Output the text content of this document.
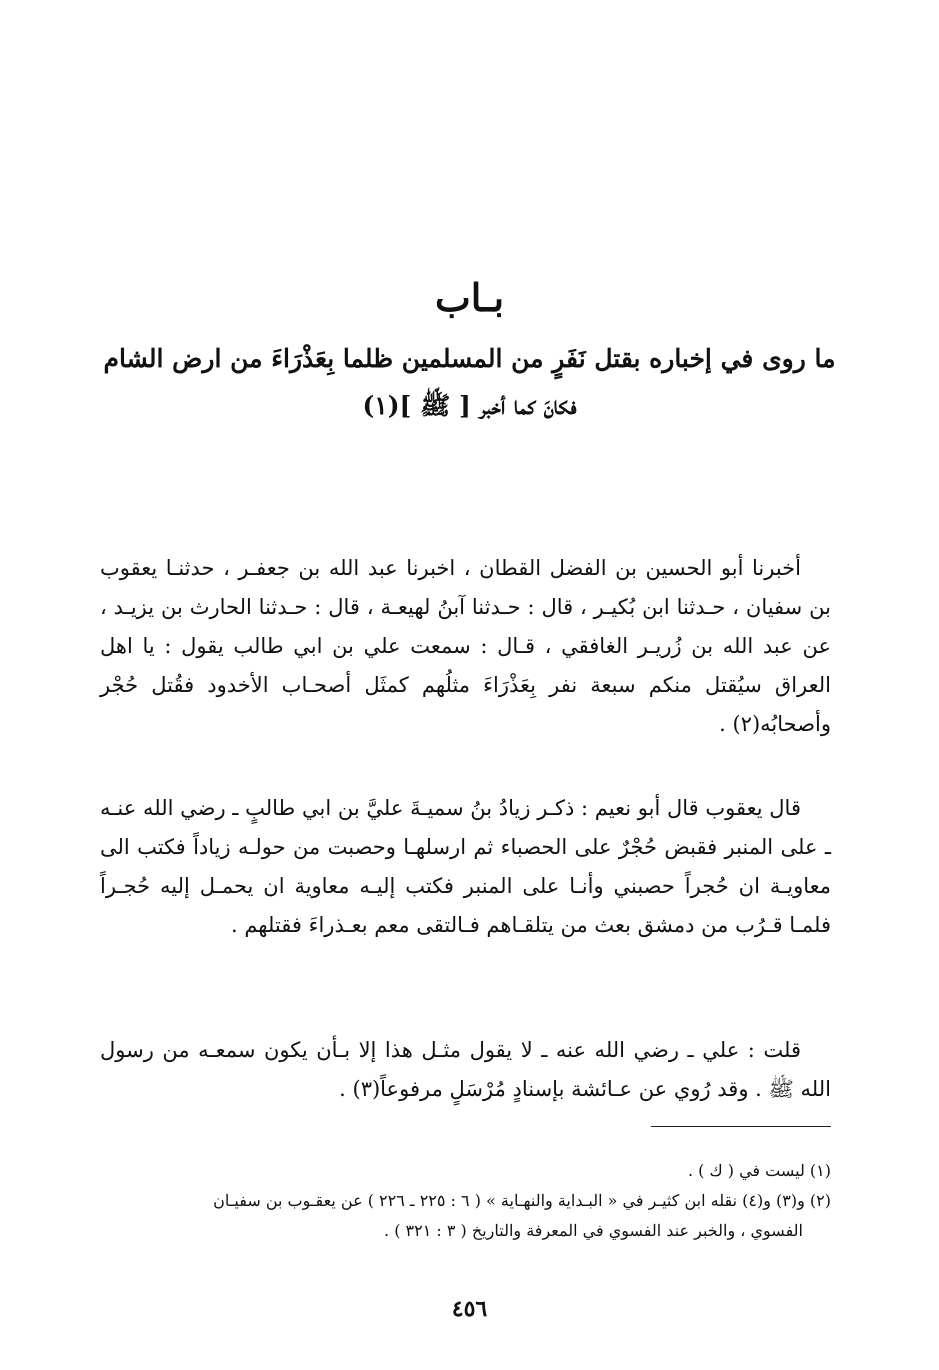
بـاب
ما روى في إخباره بقتل نَفَرٍ من المسلمين ظلما بِعَذْرَاءَ من ارض الشام
فكانَ كما أخبر [ ﷺ ](١)

أخبرنا أبو الحسين بن الفضل القطان ، اخبرنا عبد الله بن جعفـر ، حدثنـا يعقوب بن سفيان ، حـدثنا ابن بُكيـر ، قال : حـدثنا آبنُ لهيعـة ، قال : حـدثنا الحارث بن يزيـد ، عن عبد الله بن زُريـر الغافقي ، قـال : سمعت علي بن ابي طالب يقول : يا اهل العراق سيُقتل منكم سبعة نفر بِعَذْرَاءَ مثلُهم كمثَل أصحـاب الأخدود فقُتل حُجْر وأصحابُه(٢) .

قال يعقوب قال أبو نعيم : ذكـر زيادُ بنُ سميـةَ عليَّ بن ابي طالبٍ ـ رضي الله عنـه ـ على المنبر فقبض حُجْرٌ على الحصباء ثم ارسلهـا وحصبت من حولـه زياداً فكتب الى معاويـة ان حُجراً حصبني وأنـا على المنبر فكتب إليـه معاوية ان يحمـل إليه حُجـراً فلمـا قـرُب من دمشق بعث من يتلقـاهم فـالتقى معم بعـذراءَ فقتلهم .

قلت : علي ـ رضي الله عنه ـ لا يقول مثـل هذا إلا بـأن يكون سمعـه من رسول الله ﷺ . وقد رُوي عن عـائشة بإسنادٍ مُرْسَلٍ مرفوعاً(٣) .

(١) ليست في ( ك ) .

(٢) و(٣) و(٤) نقله ابن كثيـر في « البـداية والنهـاية » ( ٦ : ٢٢٥ ـ ٢٢٦ ) عن يعقـوب بن سفيـان
الفسوي ، والخبر عند الفسوي في المعرفة والتاريخ ( ٣ : ٣٢١ ) .

٤٥٦
